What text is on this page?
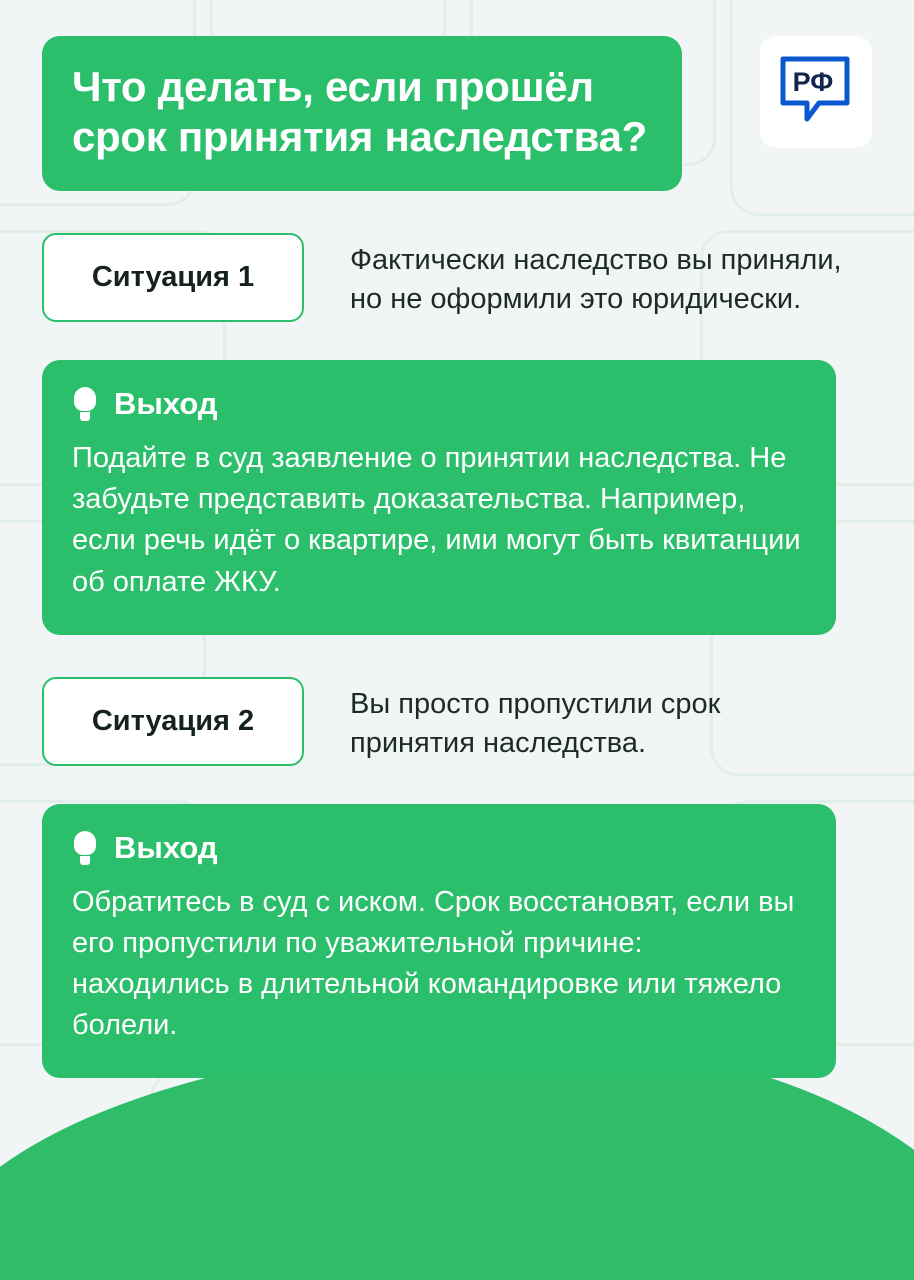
Что делать, если прошёл срок принятия наследства?
РФ
Ситуация 1
Фактически наследство вы приняли, но не оформили это юридически.
Выход
Подайте в суд заявление о принятии наследства. Не забудьте представить доказательства. Например, если речь идёт о квартире, ими могут быть квитанции об оплате ЖКУ.
Ситуация 2
Вы просто пропустили срок принятия наследства.
Выход
Обратитесь в суд с иском. Срок восстановят, если вы его пропустили по уважительной причине: находились в длительной командировке или тяжело болели.
